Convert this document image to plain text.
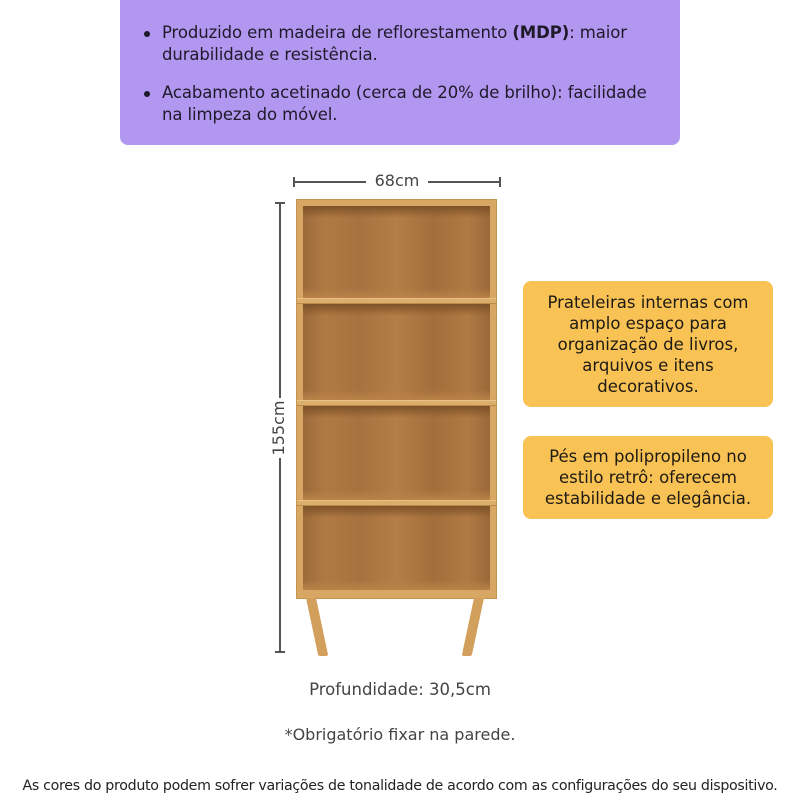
Produzido em madeira de reflorestamento (MDP): maior durabilidade e resistência.
Acabamento acetinado (cerca de 20% de brilho): facilidade na limpeza do móvel.
68cm
155cm
Prateleiras internas com amplo espaço para organização de livros, arquivos e itens decorativos.
Pés em polipropileno no estilo retrô: oferecem estabilidade e elegância.
Profundidade: 30,5cm
*Obrigatório fixar na parede.
As cores do produto podem sofrer variações de tonalidade de acordo com as configurações do seu dispositivo.
